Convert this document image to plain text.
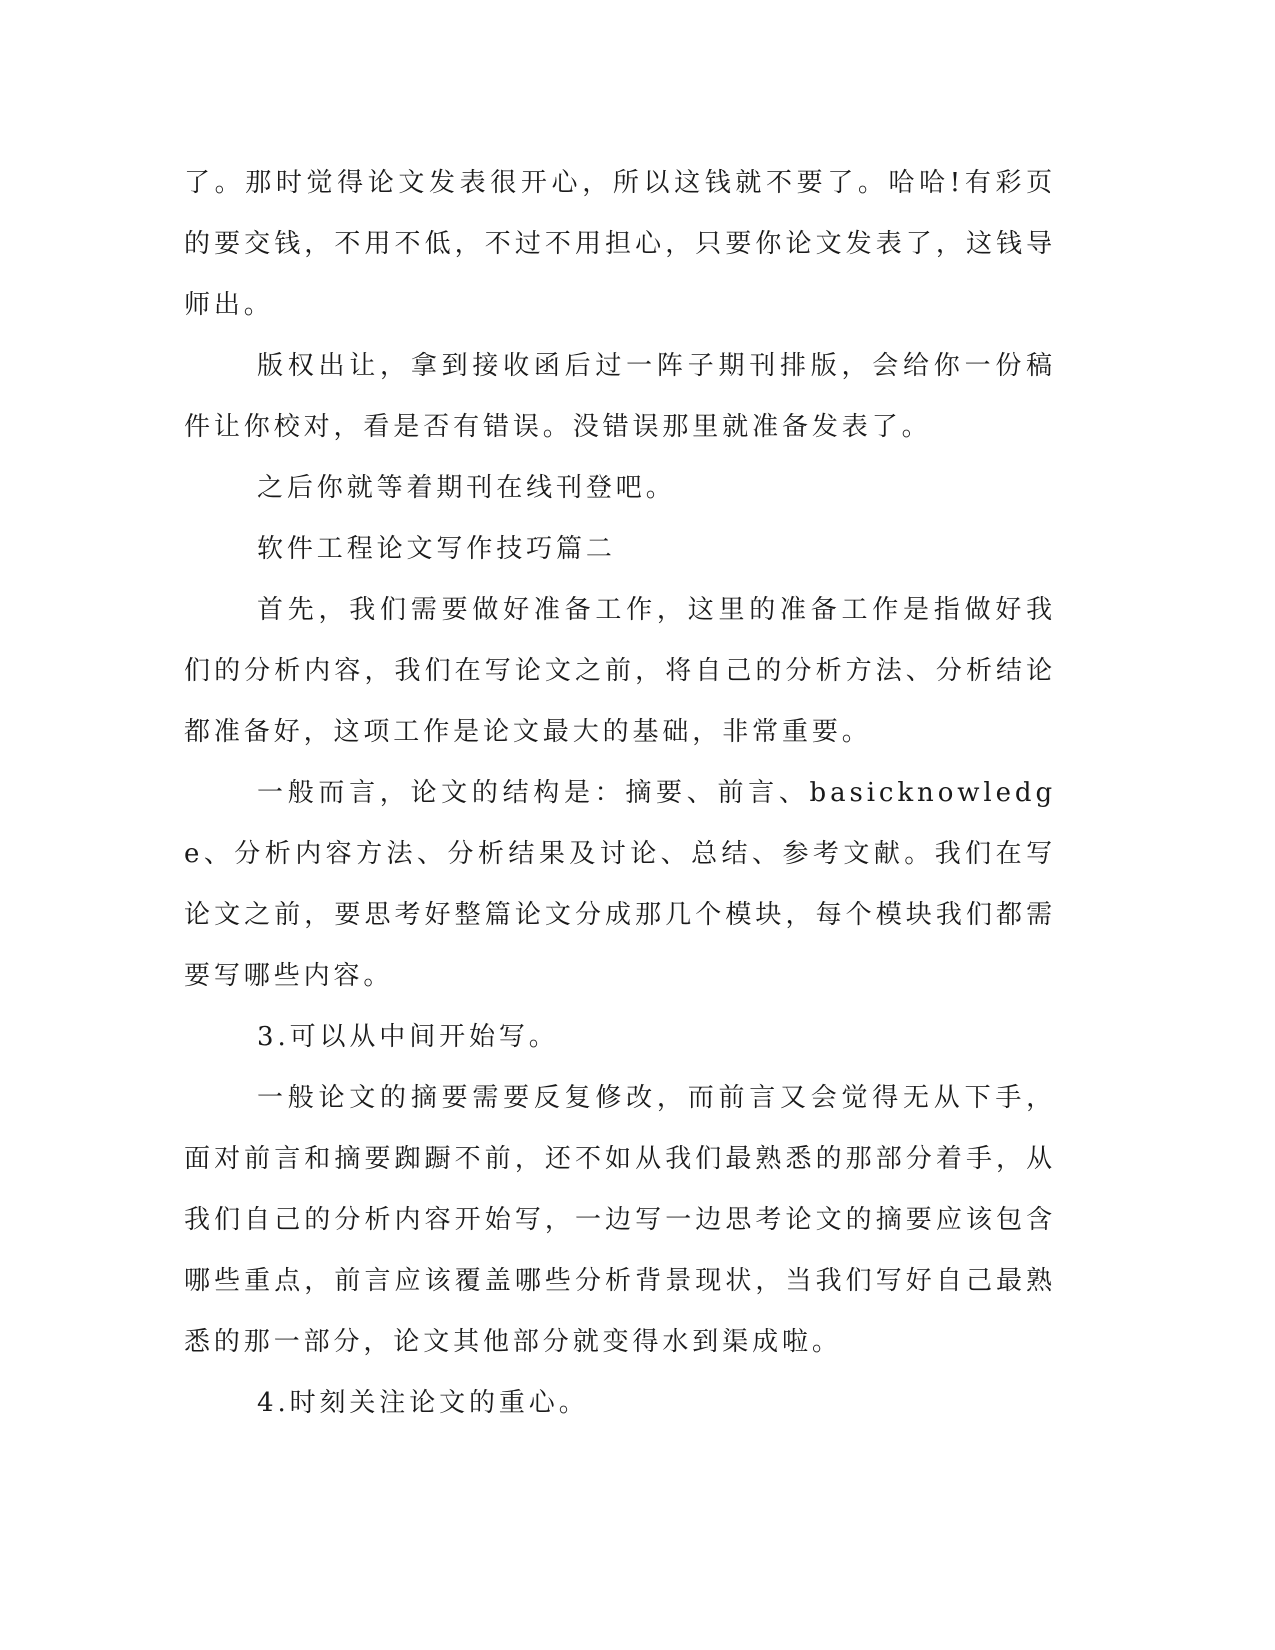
了。那时觉得论文发表很开心，所以这钱就不要了。哈哈!有彩页的要交钱，不用不低，不过不用担心，只要你论文发表了，这钱导师出。

版权出让，拿到接收函后过一阵子期刊排版，会给你一份稿件让你校对，看是否有错误。没错误那里就准备发表了。

之后你就等着期刊在线刊登吧。

软件工程论文写作技巧篇二

首先，我们需要做好准备工作，这里的准备工作是指做好我们的分析内容，我们在写论文之前，将自己的分析方法、分析结论都准备好，这项工作是论文最大的基础，非常重要。

一般而言，论文的结构是：摘要、前言、basicknowledge、分析内容方法、分析结果及讨论、总结、参考文献。我们在写论文之前，要思考好整篇论文分成那几个模块，每个模块我们都需要写哪些内容。

3.可以从中间开始写。

一般论文的摘要需要反复修改，而前言又会觉得无从下手，面对前言和摘要踟蹰不前，还不如从我们最熟悉的那部分着手，从我们自己的分析内容开始写，一边写一边思考论文的摘要应该包含哪些重点，前言应该覆盖哪些分析背景现状，当我们写好自己最熟悉的那一部分，论文其他部分就变得水到渠成啦。

4.时刻关注论文的重心。
